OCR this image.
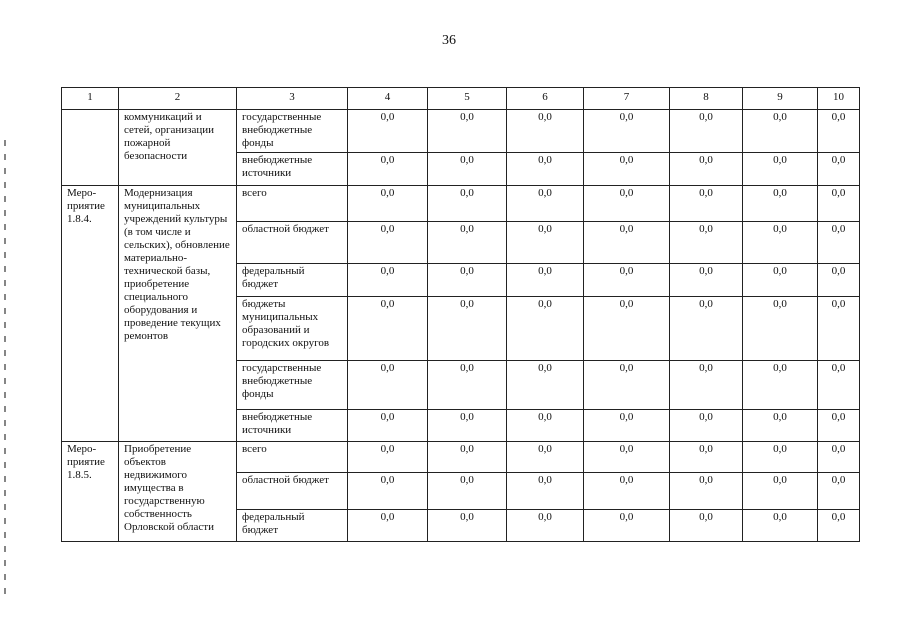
36
1	2	3	4	5	6	7	8	9	10
	коммуникаций и сетей, организации пожарной безопасности	государственные внебюджетные фонды	0,0	0,0	0,0	0,0	0,0	0,0	0,0
		внебюджетные источники	0,0	0,0	0,0	0,0	0,0	0,0	0,0
Меро-приятие 1.8.4.	Модернизация муниципальных учреждений культуры (в том числе и сельских), обновление материально-технической базы, приобретение специального оборудования и проведение текущих ремонтов	всего	0,0	0,0	0,0	0,0	0,0	0,0	0,0
		областной бюджет	0,0	0,0	0,0	0,0	0,0	0,0	0,0
		федеральный бюджет	0,0	0,0	0,0	0,0	0,0	0,0	0,0
		бюджеты муниципальных образований и городских округов	0,0	0,0	0,0	0,0	0,0	0,0	0,0
		государственные внебюджетные фонды	0,0	0,0	0,0	0,0	0,0	0,0	0,0
		внебюджетные источники	0,0	0,0	0,0	0,0	0,0	0,0	0,0
Меро-приятие 1.8.5.	Приобретение объектов недвижимого имущества в государственную собственность Орловской области	всего	0,0	0,0	0,0	0,0	0,0	0,0	0,0
		областной бюджет	0,0	0,0	0,0	0,0	0,0	0,0	0,0
		федеральный бюджет	0,0	0,0	0,0	0,0	0,0	0,0	0,0
